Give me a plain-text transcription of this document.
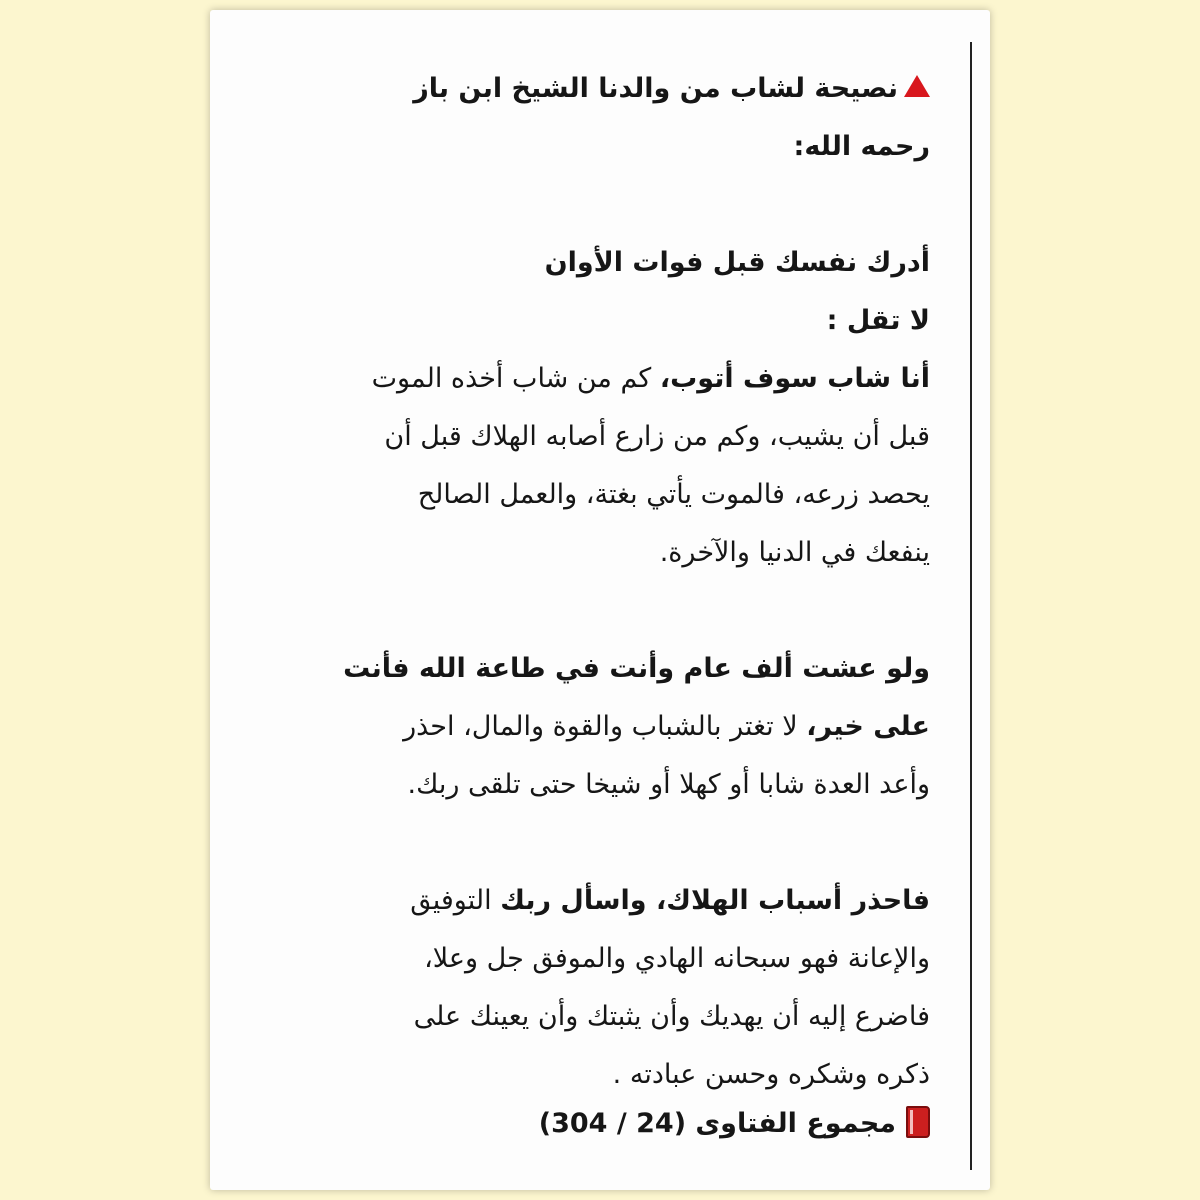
نصيحة لشاب من والدنا الشيخ ابن باز

رحمه الله:

أدرك نفسك قبل فوات الأوان

لا تقل :

أنا شاب سوف أتوب، كم من شاب أخذه الموت

قبل أن يشيب، وكم من زارع أصابه الهلاك قبل أن

يحصد زرعه، فالموت يأتي بغتة، والعمل الصالح

ينفعك في الدنيا والآخرة.

ولو عشت ألف عام وأنت في طاعة الله فأنت

على خير، لا تغتر بالشباب والقوة والمال، احذر

وأعد العدة شابا أو كهلا أو شيخا حتى تلقى ربك.

فاحذر أسباب الهلاك، واسأل ربك التوفيق

والإعانة فهو سبحانه الهادي والموفق جل وعلا،

فاضرع إليه أن يهديك وأن يثبتك وأن يعينك على

ذكره وشكره وحسن عبادته .

مجموع الفتاوى (24 / 304)
